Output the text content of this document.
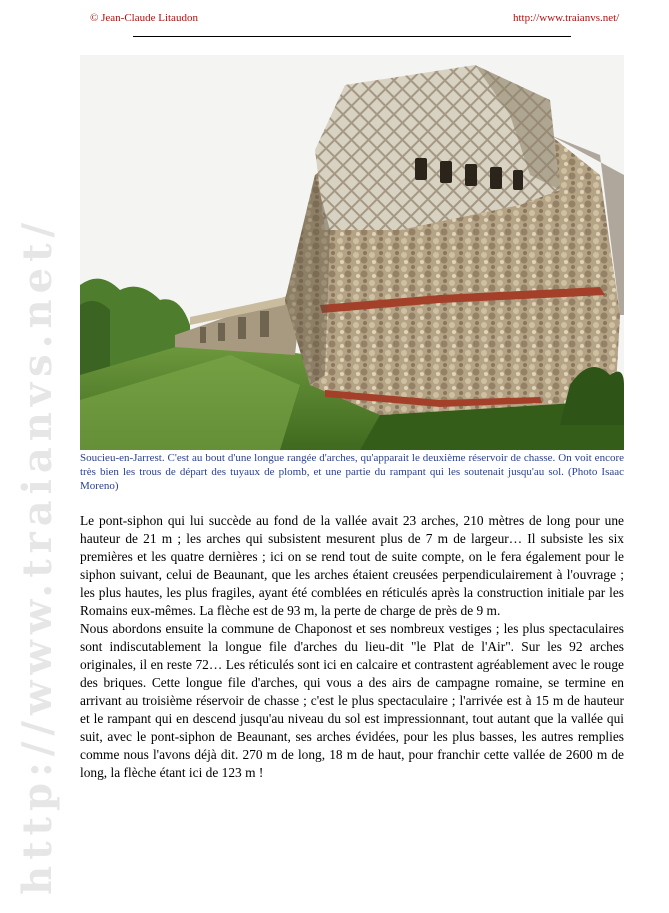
© Jean-Claude Litaudon	http://www.traianvs.net/
http://www.traianvs.net/ Soucieu-en-Jarrest. C'est au bout d'une longue rangée d'arches, qu'apparait le deuxième réservoir de chasse. On voit encore très bien les trous de départ des tuyaux de plomb, et une partie du rampant qui les soutenait jusqu'au sol. (Photo Isaac Moreno)

Le pont-siphon qui lui succède au fond de la vallée avait 23 arches, 210 mètres de long pour une hauteur de 21 m ; les arches qui subsistent mesurent plus de 7 m de largeur… Il subsiste les six premières et les quatre dernières ; ici on se rend tout de suite compte, on le fera également pour le siphon suivant, celui de Beaunant, que les arches étaient creusées perpendiculairement à l'ouvrage ; les plus hautes, les plus fragiles, ayant été comblées en réticulés après la construction initiale par les Romains eux-mêmes. La flèche est de 93 m, la perte de charge de près de 9 m.

Nous abordons ensuite la commune de Chaponost et ses nombreux vestiges ; les plus spectaculaires sont indiscutablement la longue file d'arches du lieu-dit "le Plat de l'Air". Sur les 92 arches originales, il en reste 72… Les réticulés sont ici en calcaire et contrastent agréablement avec le rouge des briques. Cette longue file d'arches, qui vous a des airs de campagne romaine, se termine en arrivant au troisième réservoir de chasse ; c'est le plus spectaculaire ; l'arrivée est à 15 m de hauteur et le rampant qui en descend jusqu'au niveau du sol est impressionnant, tout autant que la vallée qui suit, avec le pont-siphon de Beaunant, ses arches évidées, pour les plus basses, les autres remplies comme nous l'avons déjà dit. 270 m de long, 18 m de haut, pour franchir cette vallée de 2600 m de long, la flèche étant ici de 123 m !
